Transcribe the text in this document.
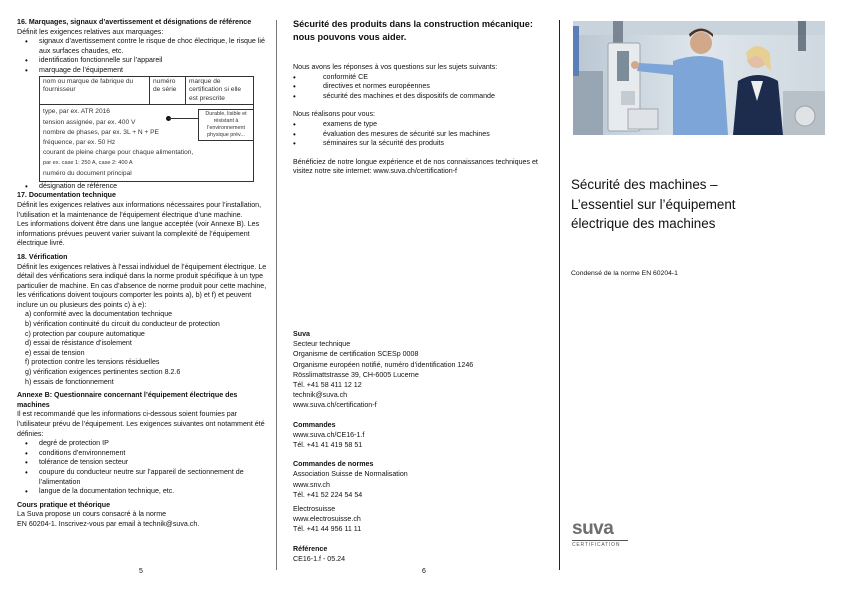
16. Marquages, signaux d’avertissement et désignations de référence
Définit les exigences relatives aux marquages:
• signaux d’avertissement contre le risque de choc électrique, le risque lié aux surfaces chaudes, etc.
• identification fonctionnelle sur l’appareil
• marquage de l’équipement
nom ou marque de fabrique du fournisseur
numéro de série
marque de certification si elle est prescrite
type, par ex. ATR 2016
tension assignée, par ex. 400 V
nombre de phases, par ex. 3L + N + PE
fréquence, par ex. 50 Hz
courant de pleine charge pour chaque alimentation,
par ex. case 1: 250 A, case 2: 400 A
numéro du document principal
Durable, lisible et résistant à l’environnement physique prév...
• désignation de référence
17. Documentation technique
Définit les exigences relatives aux informations nécessaires pour l’installation, l’utilisation et la maintenance de l’équipement électrique d’une machine.
Les informations doivent être dans une langue acceptée (voir Annexe B). Les informations prévues peuvent varier suivant la complexité de l’équipement électrique livré.
18. Vérification
Définit les exigences relatives à l’essai individuel de l’équipement électrique. Le détail des vérifications sera indiqué dans la norme produit spécifique à un type particulier de machine. En cas d’absence de norme produit pour cette machine, les vérifications doivent toujours comporter les points a), b) et f) et peuvent inclure un ou plusieurs des points c) à e):
a) conformité avec la documentation technique
b) vérification continuité du circuit du conducteur de protection
c) protection par coupure automatique
d) essai de résistance d’isolement
e) essai de tension
f) protection contre les tensions résiduelles
g) vérification exigences pertinentes section 8.2.6
h) essais de fonctionnement
Annexe B: Questionnaire concernant l’équipement électrique des machines
Il est recommandé que les informations ci-dessous soient fournies par l’utilisateur prévu de l’équipement. Les exigences suivantes ont notamment été définies:
• degré de protection IP
• conditions d’environnement
• tolérance de tension secteur
• coupure du conducteur neutre sur l’appareil de sectionnement de l’alimentation
• langue de la documentation technique, etc.
Cours pratique et théorique
La Suva propose un cours consacré à la norme
EN 60204-1. Inscrivez-vous par email à technik@suva.ch.
5
Sécurité des produits dans la construction mécanique: nous pouvons vous aider.
Nous avons les réponses à vos questions sur les sujets suivants:
• conformité CE
• directives et normes européennes
• sécurité des machines et des dispositifs de commande
Nous réalisons pour vous:
• examens de type
• évaluation des mesures de sécurité sur les machines
• séminaires sur la sécurité des produits
Bénéficiez de notre longue expérience et de nos connaissances techniques et visitez notre site internet: www.suva.ch/certification-f
Suva
Secteur technique
Organisme de certification SCESp 0008
Organisme européen notifié, numéro d’identification 1246
Rösslimattstrasse 39, CH-6005 Lucerne
Tél. +41 58 411 12 12
technik@suva.ch
www.suva.ch/certification-f
Commandes
www.suva.ch/CE16-1.f
Tél. +41 41 419 58 51
Commandes de normes
Association Suisse de Normalisation
www.snv.ch
Tél. +41 52 224 54 54
Electrosuisse
www.electrosuisse.ch
Tél. +41 44 956 11 11
Référence
CE16-1.f - 05.24
6
Sécurité des machines –
L’essentiel sur l’équipement
électrique des machines
Condensé de la norme EN 60204-1
suva
CERTIFICATION
